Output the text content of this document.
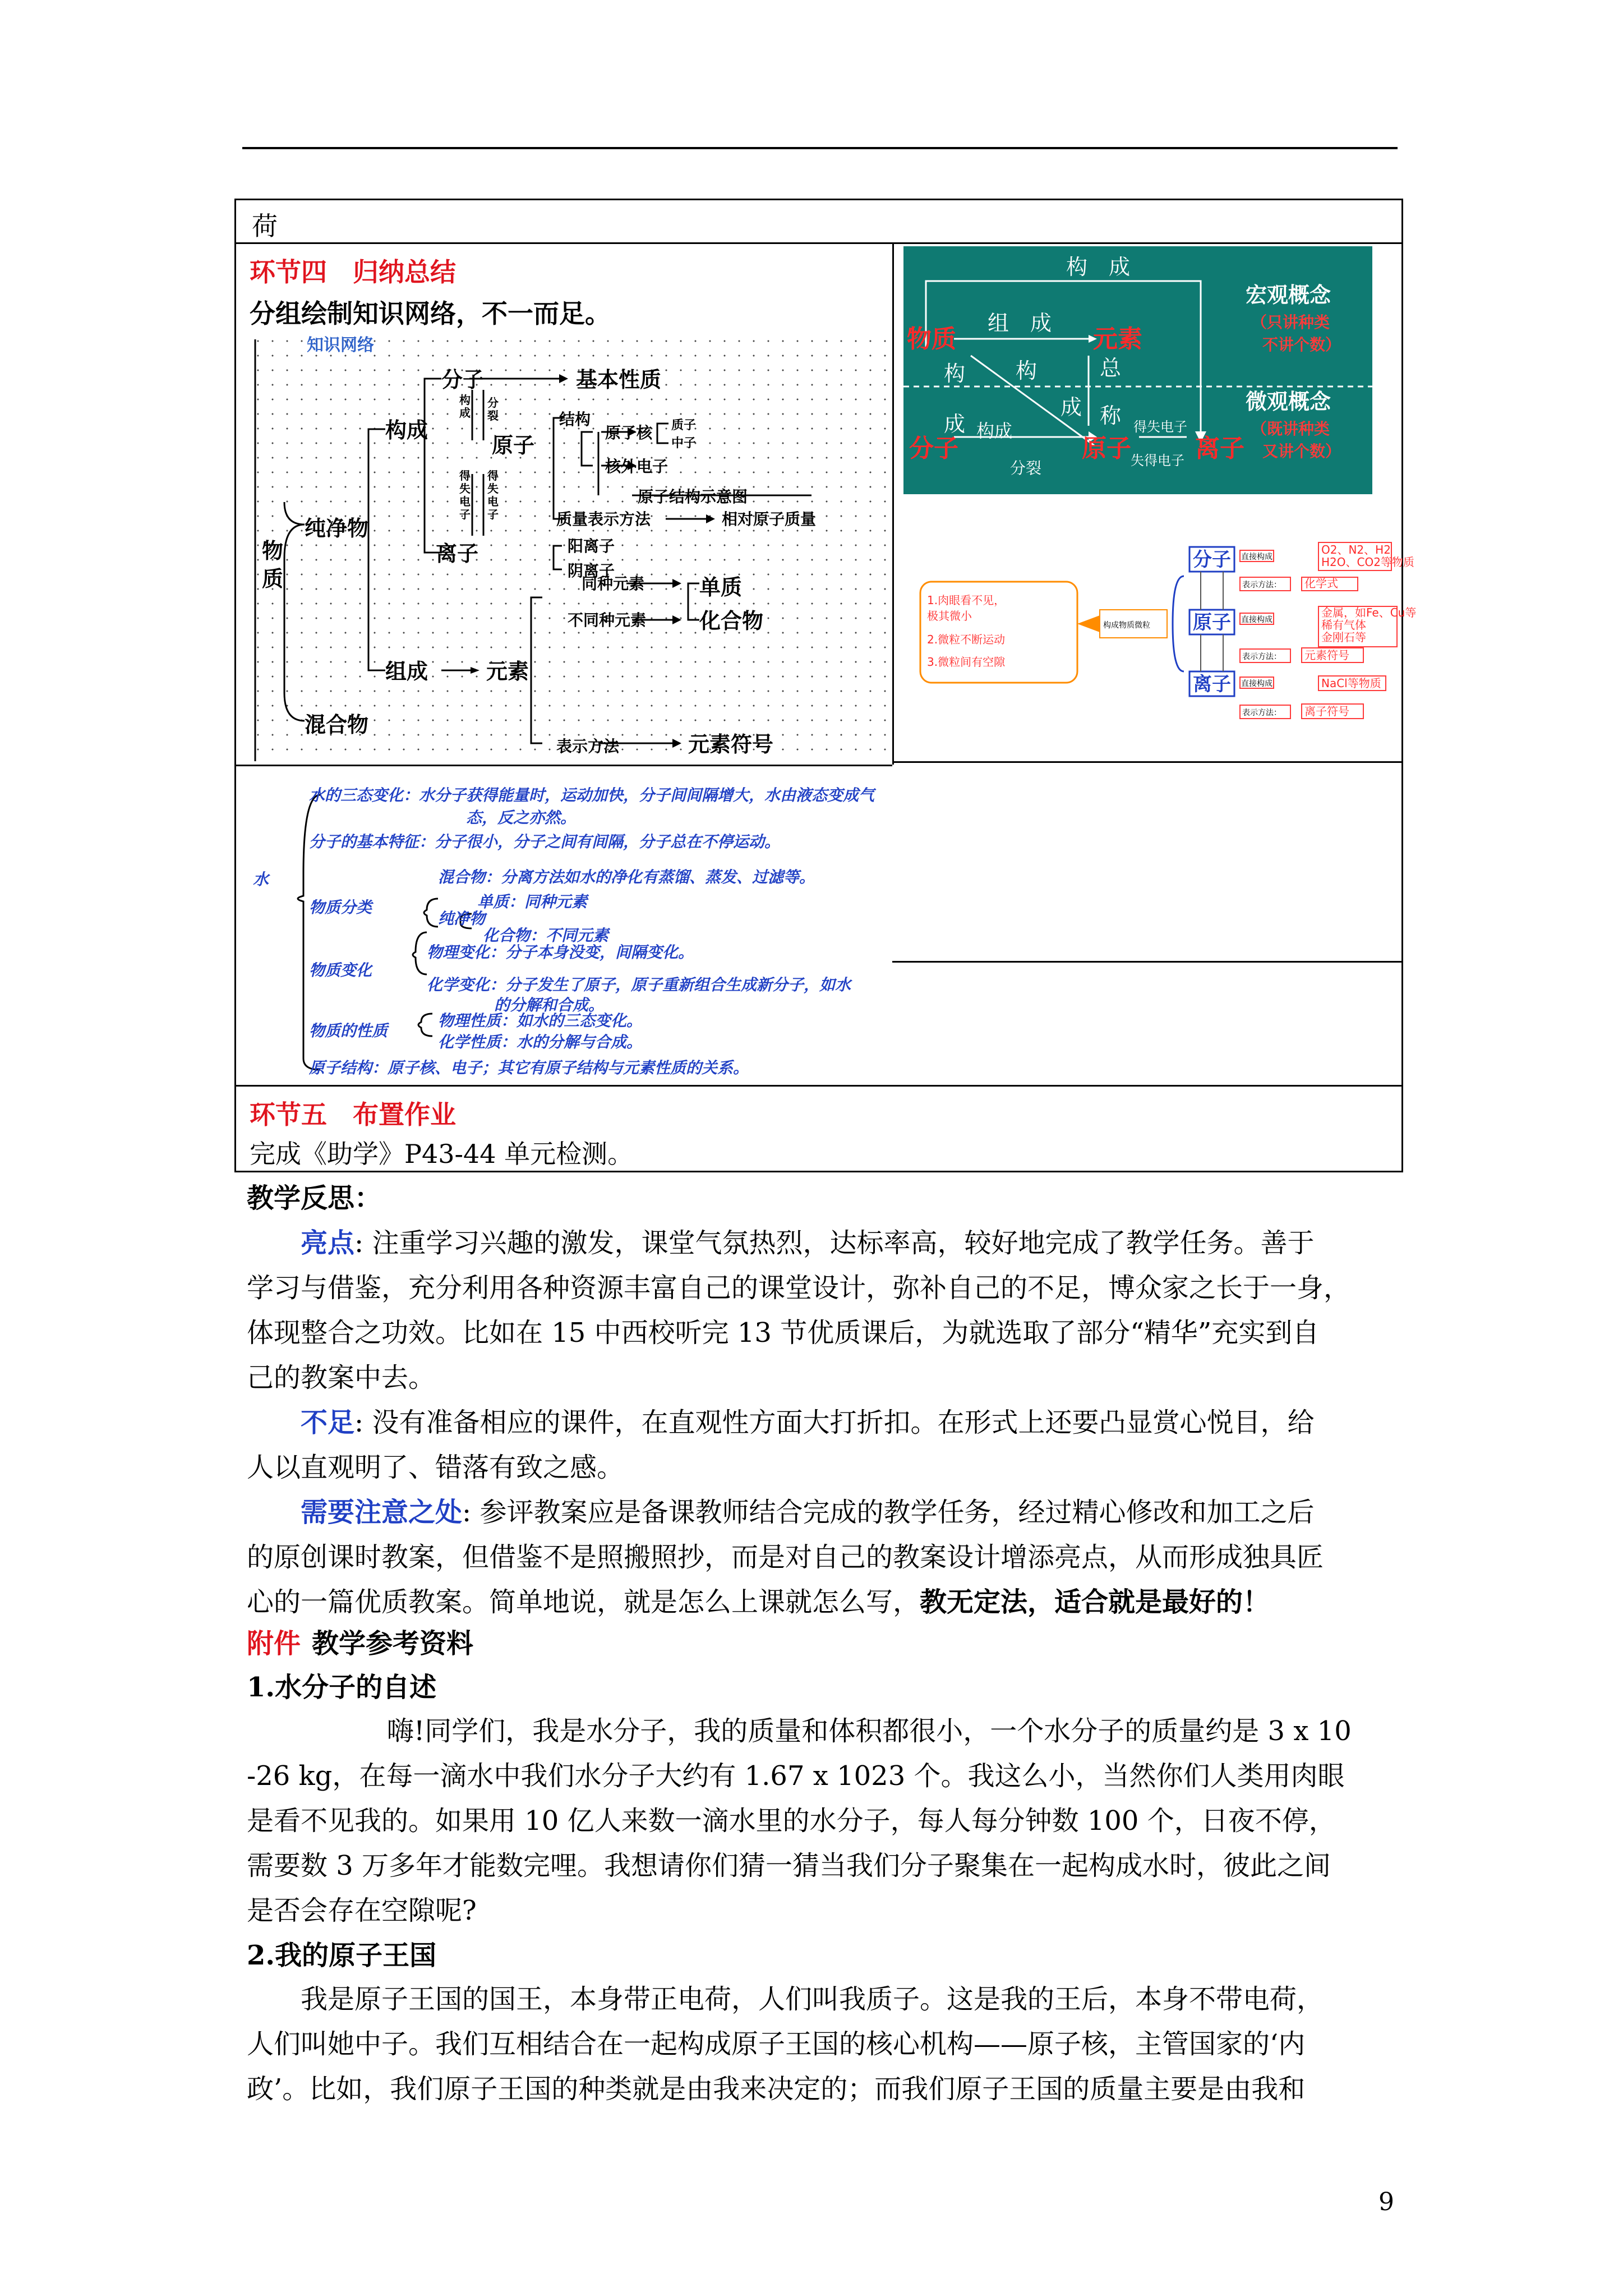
荷
环节四　归纳总结
分组绘制知识网络，不一而足。
知识网络
物
质
纯净物
混合物
构成
组成
分子
原子
离子
元素
基本性质
单质
化合物
元素符号
结构
原子核 质子
中子
核外电子
原子结构示意图
质量表示方法	相对原子质量
阳离子
阴离子
同种元素
不同种元素
表示方法
构
成
分
裂
得
失
电
子
得
失
电
子
构　成
组　成
构
成
构
成
总
称
构成
分裂
得失电子
失得电子
物质	元素
分子	原子	离子
宏观概念
微观概念
（只讲种类
不讲个数）
（既讲种类
又讲个数）
1.肉眼看不见，
极其微小
2.微粒不断运动
3.微粒间有空隙
O2、N2、H2
H2O、CO2等物质
化学式
金属，如Fe、Cu等
稀有气体
金刚石等
元素符号
NaCl等物质
离子符号
分子
原子
离子
构成物质微粒
直接构成
表示方法：
直接构成
表示方法：
直接构成
表示方法：
水
水的三态变化：水分子获得能量时，运动加快，分子间间隔增大，水由液态变成气
态，反之亦然。
分子的基本特征：分子很小，分子之间有间隔，分子总在不停运动。
混合物：分离方法如水的净化有蒸馏、蒸发、过滤等。
物质分类	单质：同种元素
纯净物
化合物：不同元素
物理变化：分子本身没变，间隔变化。
物质变化
化学变化：分子发生了原子，原子重新组合生成新分子，如水
的分解和合成。
物理性质：如水的三态变化。
物质的性质
化学性质：水的分解与合成。
原子结构：原子核、电子；其它有原子结构与元素性质的关系。
环节五　布置作业
完成《助学》P43-44 单元检测。
教学反思：
亮点: 注重学习兴趣的激发，课堂气氛热烈，达标率高，较好地完成了教学任务。善于
学习与借鉴，充分利用各种资源丰富自己的课堂设计，弥补自己的不足，博众家之长于一身，
体现整合之功效。比如在 15 中西校听完 13 节优质课后，为就选取了部分“精华”充实到自
己的教案中去。
不足: 没有准备相应的课件，在直观性方面大打折扣。在形式上还要凸显赏心悦目，给
人以直观明了、错落有致之感。
需要注意之处: 参评教案应是备课教师结合完成的教学任务，经过精心修改和加工之后
的原创课时教案，但借鉴不是照搬照抄，而是对自己的教案设计增添亮点，从而形成独具匠
心的一篇优质教案。简单地说，就是怎么上课就怎么写，教无定法，适合就是最好的！
附件 教学参考资料
1.水分子的自述
嗨!同学们，我是水分子，我的质量和体积都很小，一个水分子的质量约是 3 x 10
-26 kg，在每一滴水中我们水分子大约有 1.67 x 1023 个。我这么小，当然你们人类用肉眼
是看不见我的。如果用 10 亿人来数一滴水里的水分子，每人每分钟数 100 个，日夜不停，
需要数 3 万多年才能数完哩。我想请你们猜一猜当我们分子聚集在一起构成水时，彼此之间
是否会存在空隙呢?
2.我的原子王国
我是原子王国的国王，本身带正电荷，人们叫我质子。这是我的王后，本身不带电荷，
人们叫她中子。我们互相结合在一起构成原子王国的核心机构——原子核，主管国家的‘内
政’。比如，我们原子王国的种类就是由我来决定的；而我们原子王国的质量主要是由我和
9
